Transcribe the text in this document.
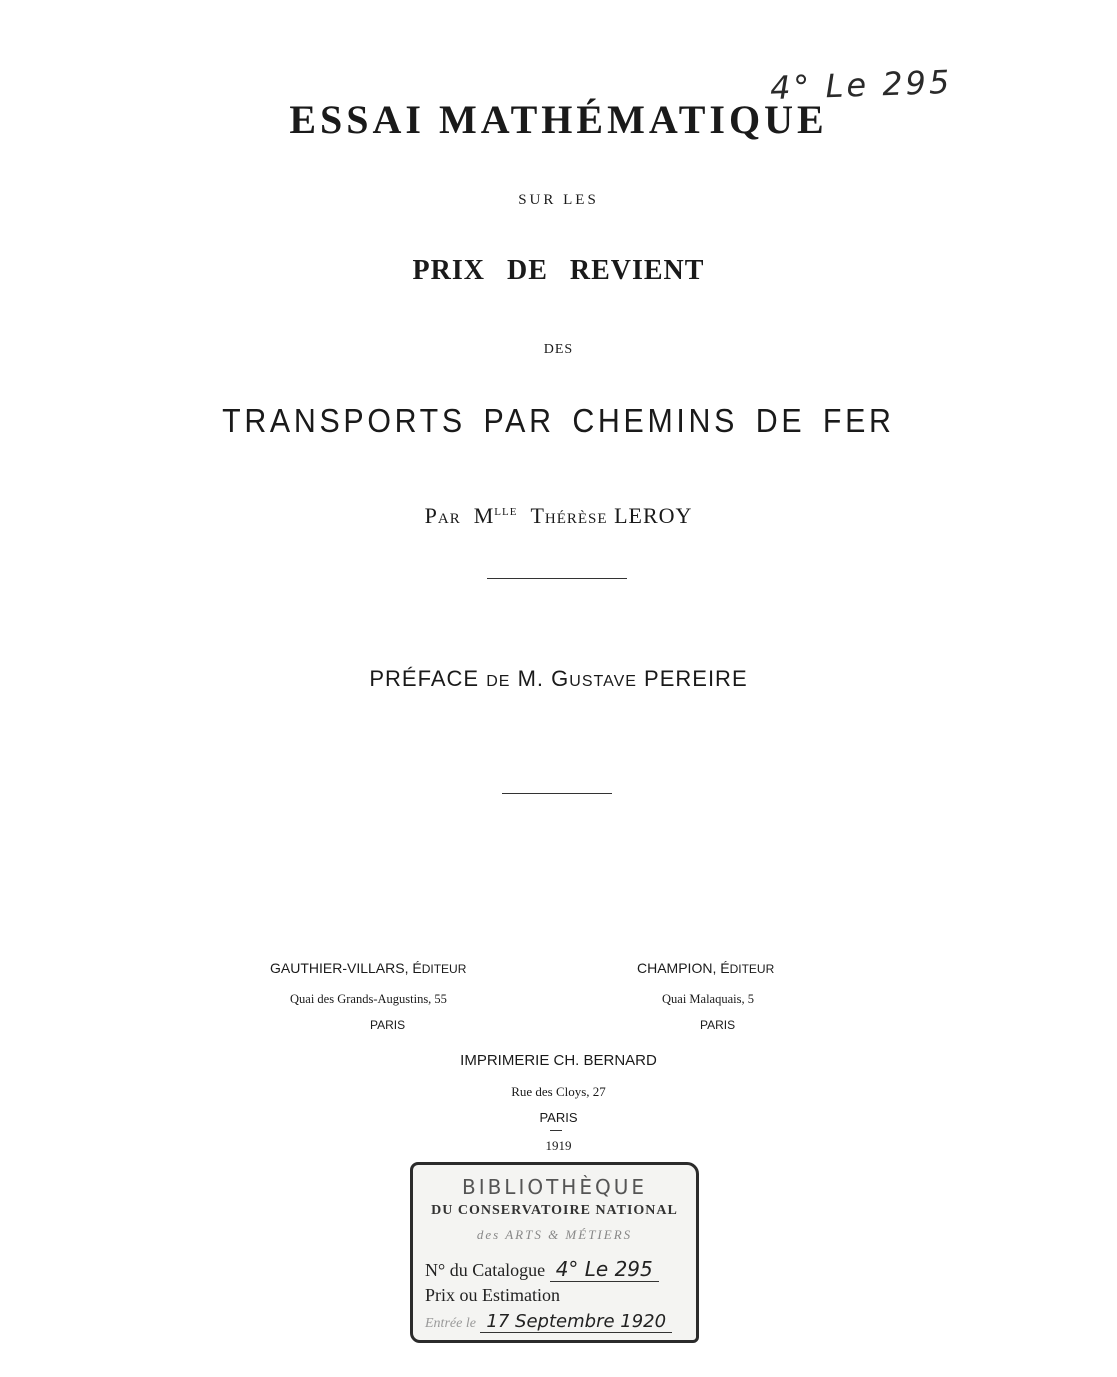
4° Le 295
ESSAI MATHÉMATIQUE
SUR LES
PRIX DE REVIENT
DES
TRANSPORTS PAR CHEMINS DE FER
PAR $M^{LLE}$ THÉRÈSE LEROY
PRÉFACE DE M. GUSTAVE PEREIRE
GAUTHIER-VILLARS, ÉDITEUR
Quai des Grands-Augustins, 55
PARIS
CHAMPION, ÉDITEUR
Quai Malaquais, 5
PARIS
IMPRIMERIE CH. BERNARD
Rue des Cloys, 27
PARIS
1919
BIBLIOTHÈQUE
DU CONSERVATOIRE NATIONAL
des ARTS & MÉTIERS
N° du Catalogue 4° Le 295
Prix ou Estimation
Entrée le 17 Septembre 1920
